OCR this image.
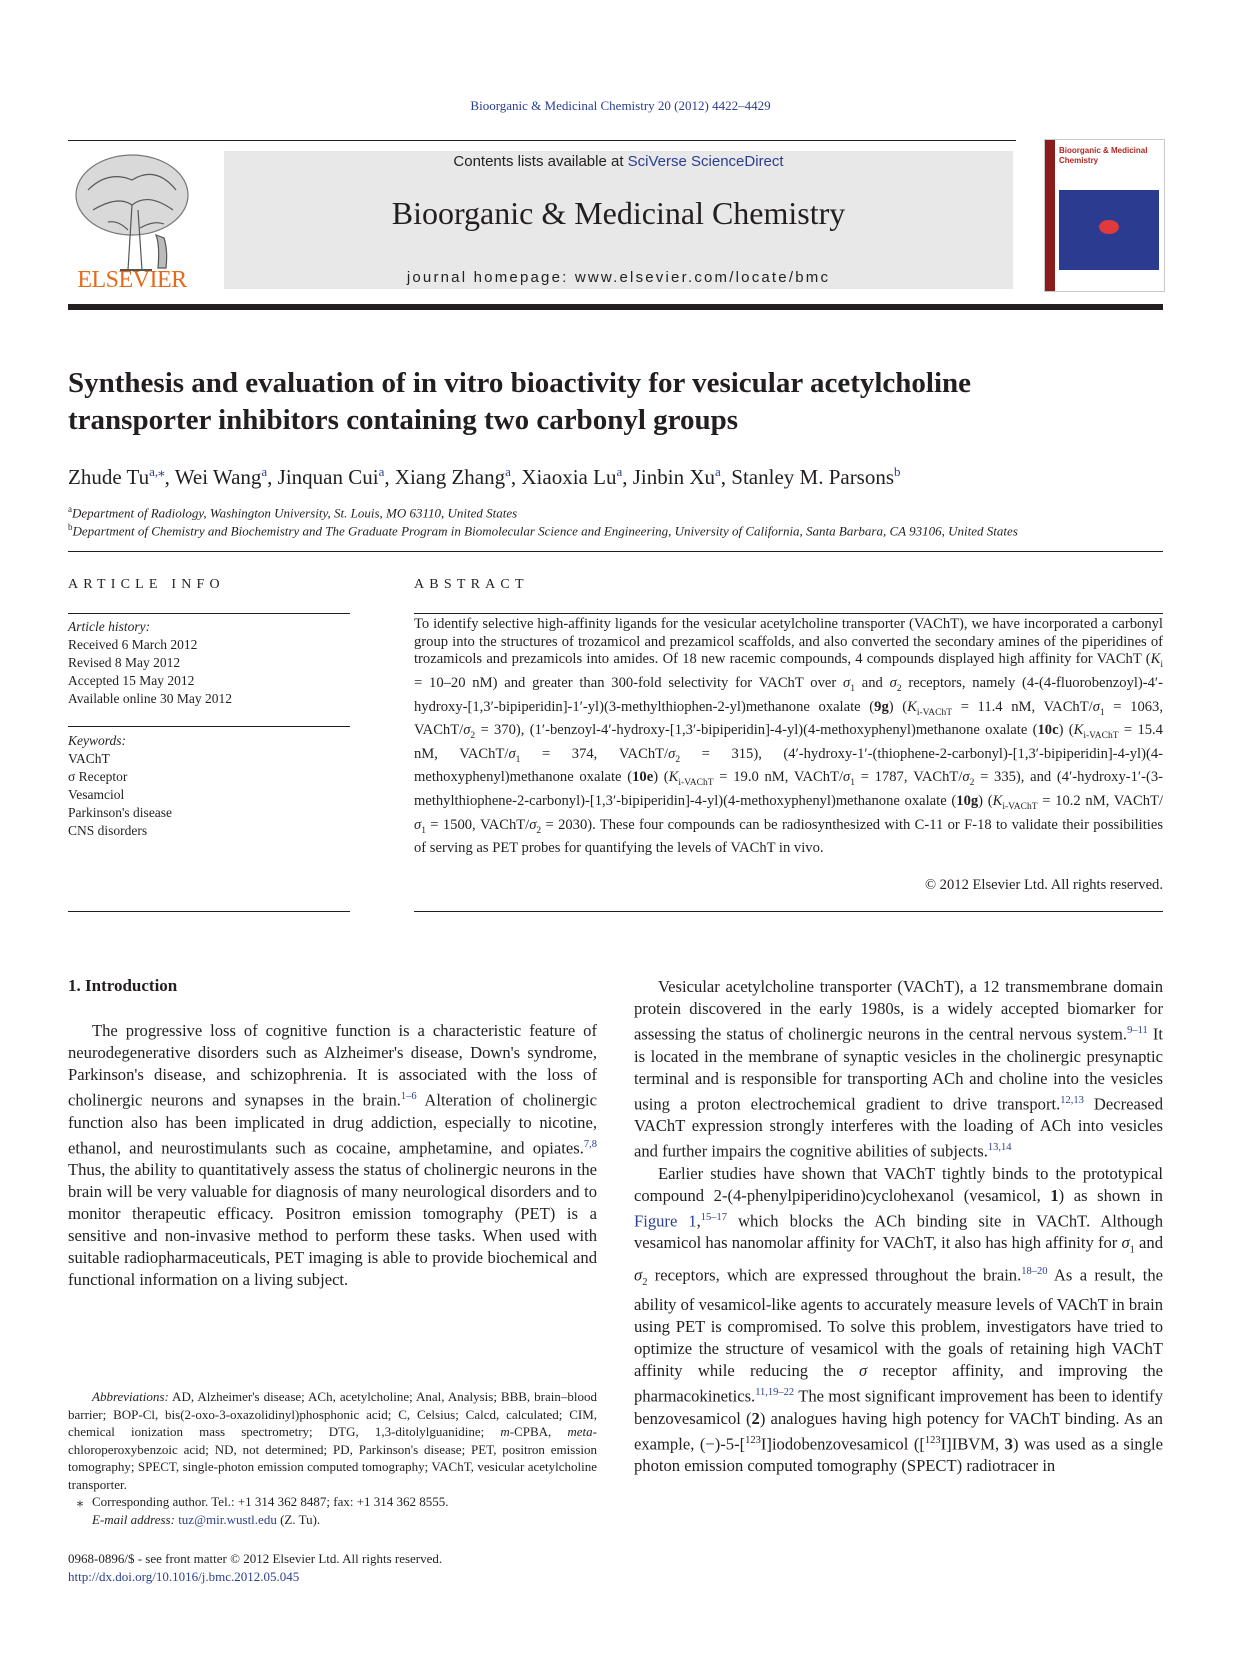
Bioorganic & Medicinal Chemistry 20 (2012) 4422–4429
ELSEVIER
Contents lists available at SciVerse ScienceDirect
Bioorganic & Medicinal Chemistry
journal homepage: www.elsevier.com/locate/bmc
Bioorganic & Medicinal Chemistry
Synthesis and evaluation of in vitro bioactivity for vesicular acetylcholine
transporter inhibitors containing two carbonyl groups
Zhude $Tu^{a,⁎}$, Wei Wang$^a$, Jinquan Cui$^a$, Xiang Zhang$^a$, Xiaoxia Lu$^a$, Jinbin Xu$^a$, Stanley M. Parsons$^b$
$^a$Department of Radiology, Washington University, St. Louis, MO 63110, United States
$^b$Department of Chemistry and Biochemistry and The Graduate Program in Biomolecular Science and Engineering, University of California, Santa Barbara, CA 93106, United States
ARTICLE INFO
Article history:
Received 6 March 2012
Revised 8 May 2012
Accepted 15 May 2012
Available online 30 May 2012
Keywords:
VAChT
σ Receptor
Vesamciol
Parkinson's disease
CNS disorders
ABSTRACT
To identify selective high-affinity ligands for the vesicular acetylcholine transporter (VAChT), we have incorporated a carbonyl group into the structures of trozamicol and prezamicol scaffolds, and also converted the secondary amines of the piperidines of trozamicols and prezamicols into amides. Of 18 new racemic compounds, 4 compounds displayed high affinity for VAChT ($K_i = 10-20$ nM) and greater than 300-fold selectivity for VAChT over $\sigma_1$ and $\sigma_2$ receptors, namely (4-(4-fluorobenzoyl)-4′-hydroxy-[1,3′-bipiperidin]-1′-yl)(3-methylthiophen-2-yl)methanone oxalate (9g) ($K_{i-VAChT} = 11.4$ nM, VAChT/$\sigma_1 = 1063$, VAChT/$\sigma_2 = 370$), (1′-benzoyl-4′-hydroxy-[1,3′-bipiperidin]-4-yl)(4-methoxyphenyl)methanone oxalate (10c) ($K_{i-VAChT} = 15.4$ nM, VAChT/$\sigma_1 = 374$, VAChT/$\sigma_2 = 315$), (4′-hydroxy-1′-(thiophene-2-carbonyl)-[1,3′-bipiperidin]-4-yl)(4-methoxyphenyl)methanone oxalate (10e) ($K_{i-VAChT} = 19.0$ nM, VAChT/$\sigma_1 = 1787$, VAChT/$\sigma_2 = 335$), and (4′-hydroxy-1′-(3-methylthiophene-2-carbonyl)-[1,3′-bipiperidin]-4-yl)(4-methoxyphenyl)methanone oxalate (10g) ($K_{i-VAChT} = 10.2$ nM, VAChT/$\sigma_1 = 1500$, VAChT/$\sigma_2 = 2030$). These four compounds can be radiosynthesized with C-11 or F-18 to validate their possibilities of serving as PET probes for quantifying the levels of VAChT in vivo.
© 2012 Elsevier Ltd. All rights reserved.
1. Introduction

The progressive loss of cognitive function is a characteristic feature of neurodegenerative disorders such as Alzheimer's disease, Down's syndrome, Parkinson's disease, and schizophrenia. It is associated with the loss of cholinergic neurons and synapses in the brain.$^{1-6}$ Alteration of cholinergic function also has been implicated in drug addiction, especially to nicotine, ethanol, and neurostimulants such as cocaine, amphetamine, and opiates.$^{7,8}$ Thus, the ability to quantitatively assess the status of cholinergic neurons in the brain will be very valuable for diagnosis of many neurological disorders and to monitor therapeutic efficacy. Positron emission tomography (PET) is a sensitive and non-invasive method to perform these tasks. When used with suitable radiopharmaceuticals, PET imaging is able to provide biochemical and functional information on a living subject.

Vesicular acetylcholine transporter (VAChT), a 12 transmembrane domain protein discovered in the early 1980s, is a widely accepted biomarker for assessing the status of cholinergic neurons in the central nervous system.$^{9-11}$ It is located in the membrane of synaptic vesicles in the cholinergic presynaptic terminal and is responsible for transporting ACh and choline into the vesicles using a proton electrochemical gradient to drive transport.$^{12,13}$ Decreased VAChT expression strongly interferes with the loading of ACh into vesicles and further impairs the cognitive abilities of subjects.$^{13,14}$

Earlier studies have shown that VAChT tightly binds to the prototypical compound 2-(4-phenylpiperidino)cyclohexanol (vesamicol, 1) as shown in Figure 1,$^{15-17}$ which blocks the ACh binding site in VAChT. Although vesamicol has nanomolar affinity for VAChT, it also has high affinity for $\sigma_1$ and $\sigma_2$ receptors, which are expressed throughout the brain.$^{18-20}$ As a result, the ability of vesamicol-like agents to accurately measure levels of VAChT in brain using PET is compromised. To solve this problem, investigators have tried to optimize the structure of vesamicol with the goals of retaining high VAChT affinity while reducing the σ receptor affinity, and improving the pharmacokinetics.$^{11,19-22}$ The most significant improvement has been to identify benzovesamicol (2) analogues having high potency for VAChT binding. As an example, (−)-5-[$^{123}$I]iodobenzovesamicol ([$^{123}$I]IBVM, 3) was used as a single photon emission computed tomography (SPECT) radiotracer in

Abbreviations: AD, Alzheimer's disease; ACh, acetylcholine; Anal, Analysis; BBB, brain–blood barrier; BOP-Cl, bis(2-oxo-3-oxazolidinyl)phosphonic acid; C, Celsius; Calcd, calculated; CIM, chemical ionization mass spectrometry; DTG, 1,3-ditolylguanidine; m-CPBA, meta-chloroperoxybenzoic acid; ND, not determined; PD, Parkinson's disease; PET, positron emission tomography; SPECT, single-photon emission computed tomography; VAChT, vesicular acetylcholine transporter.

⁎ Corresponding author. Tel.: +1 314 362 8487; fax: +1 314 362 8555.

E-mail address: tuz@mir.wustl.edu (Z. Tu).

0968-0896/$ - see front matter © 2012 Elsevier Ltd. All rights reserved.
http://dx.doi.org/10.1016/j.bmc.2012.05.045
